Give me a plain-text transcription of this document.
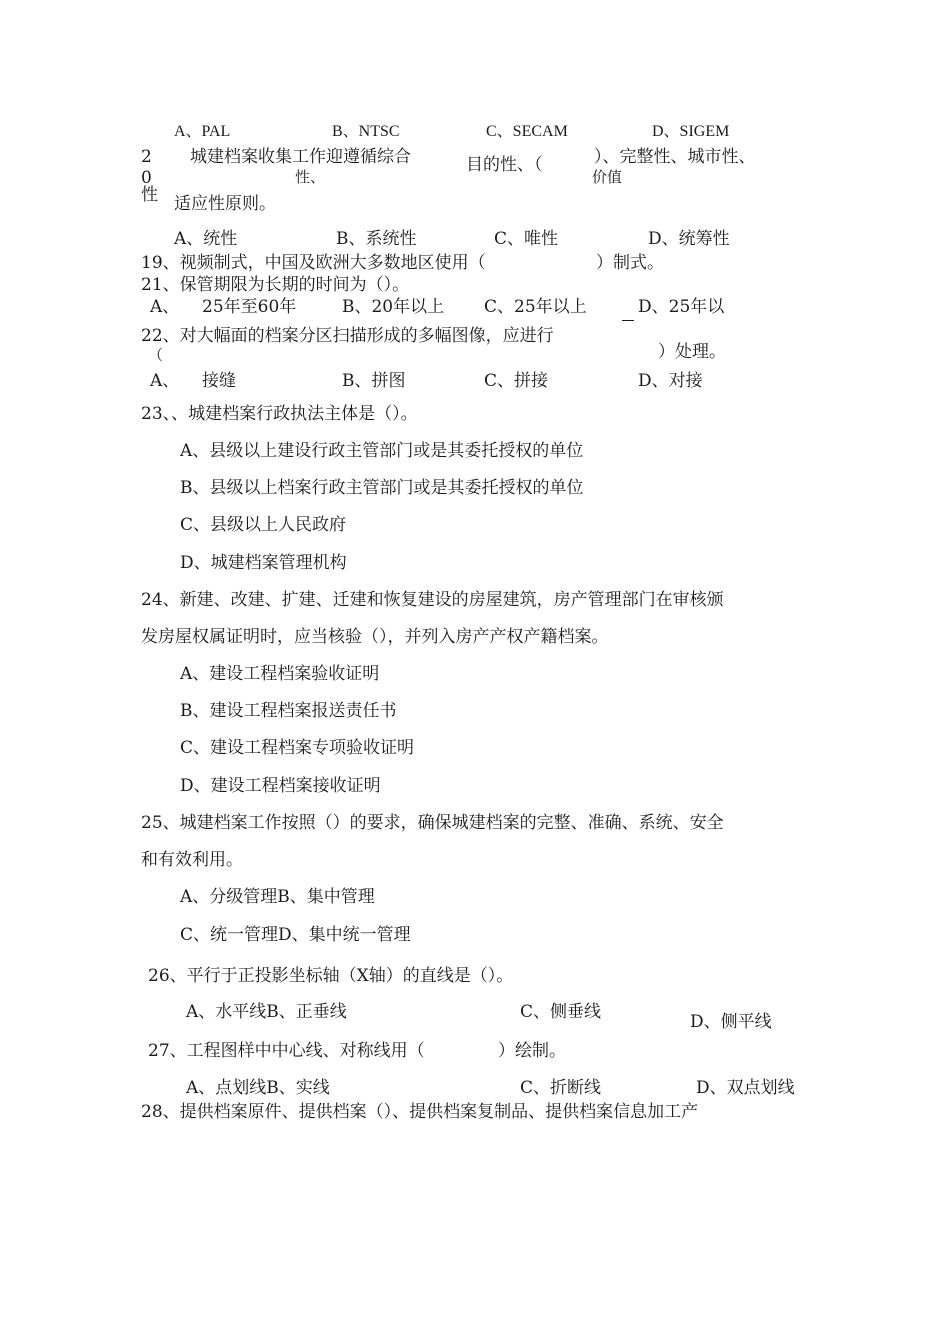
A、PAL	B、NTSC	C、SECAM	D、SIGEM
2
0
性
城建档案收集工作迎遵循综合
性、
目的性、（	）、完整性、城市性、
价值
适应性原则。
A、统性	B、系统性	C、唯性	D、统筹性
19、视频制式，中国及欧洲大多数地区使用（	）制式。
21、保管期限为长期的时间为（）。
A、 25年至60年	B、20年以上 C、25年以上	D、25年以
22、对大幅面的档案分区扫描形成的多幅图像，应进行
（	）处理。
A、 接缝	B、拼图	C、拼接	D、对接
23、、城建档案行政执法主体是（）。
A、县级以上建设行政主管部门或是其委托授权的单位
B、县级以上档案行政主管部门或是其委托授权的单位
C、县级以上人民政府
D、城建档案管理机构
24、新建、改建、扩建、迁建和恢复建设的房屋建筑，房产管理部门在审核颁
发房屋权属证明时，应当核验（），并列入房产产权产籍档案。
A、建设工程档案验收证明
B、建设工程档案报送责任书
C、建设工程档案专项验收证明
D、建设工程档案接收证明
25、城建档案工作按照（）的要求，确保城建档案的完整、准确、系统、安全
和有效利用。
A、分级管理B、集中管理
C、统一管理D、集中统一管理
26、平行于正投影坐标轴（X轴）的直线是（）。
A、水平线B、正垂线	C、侧垂线	D、侧平线
27、工程图样中中心线、对称线用（	）绘制。
A、点划线B、实线	C、折断线	D、双点划线
28、提供档案原件、提供档案（）、提供档案复制品、提供档案信息加工产
